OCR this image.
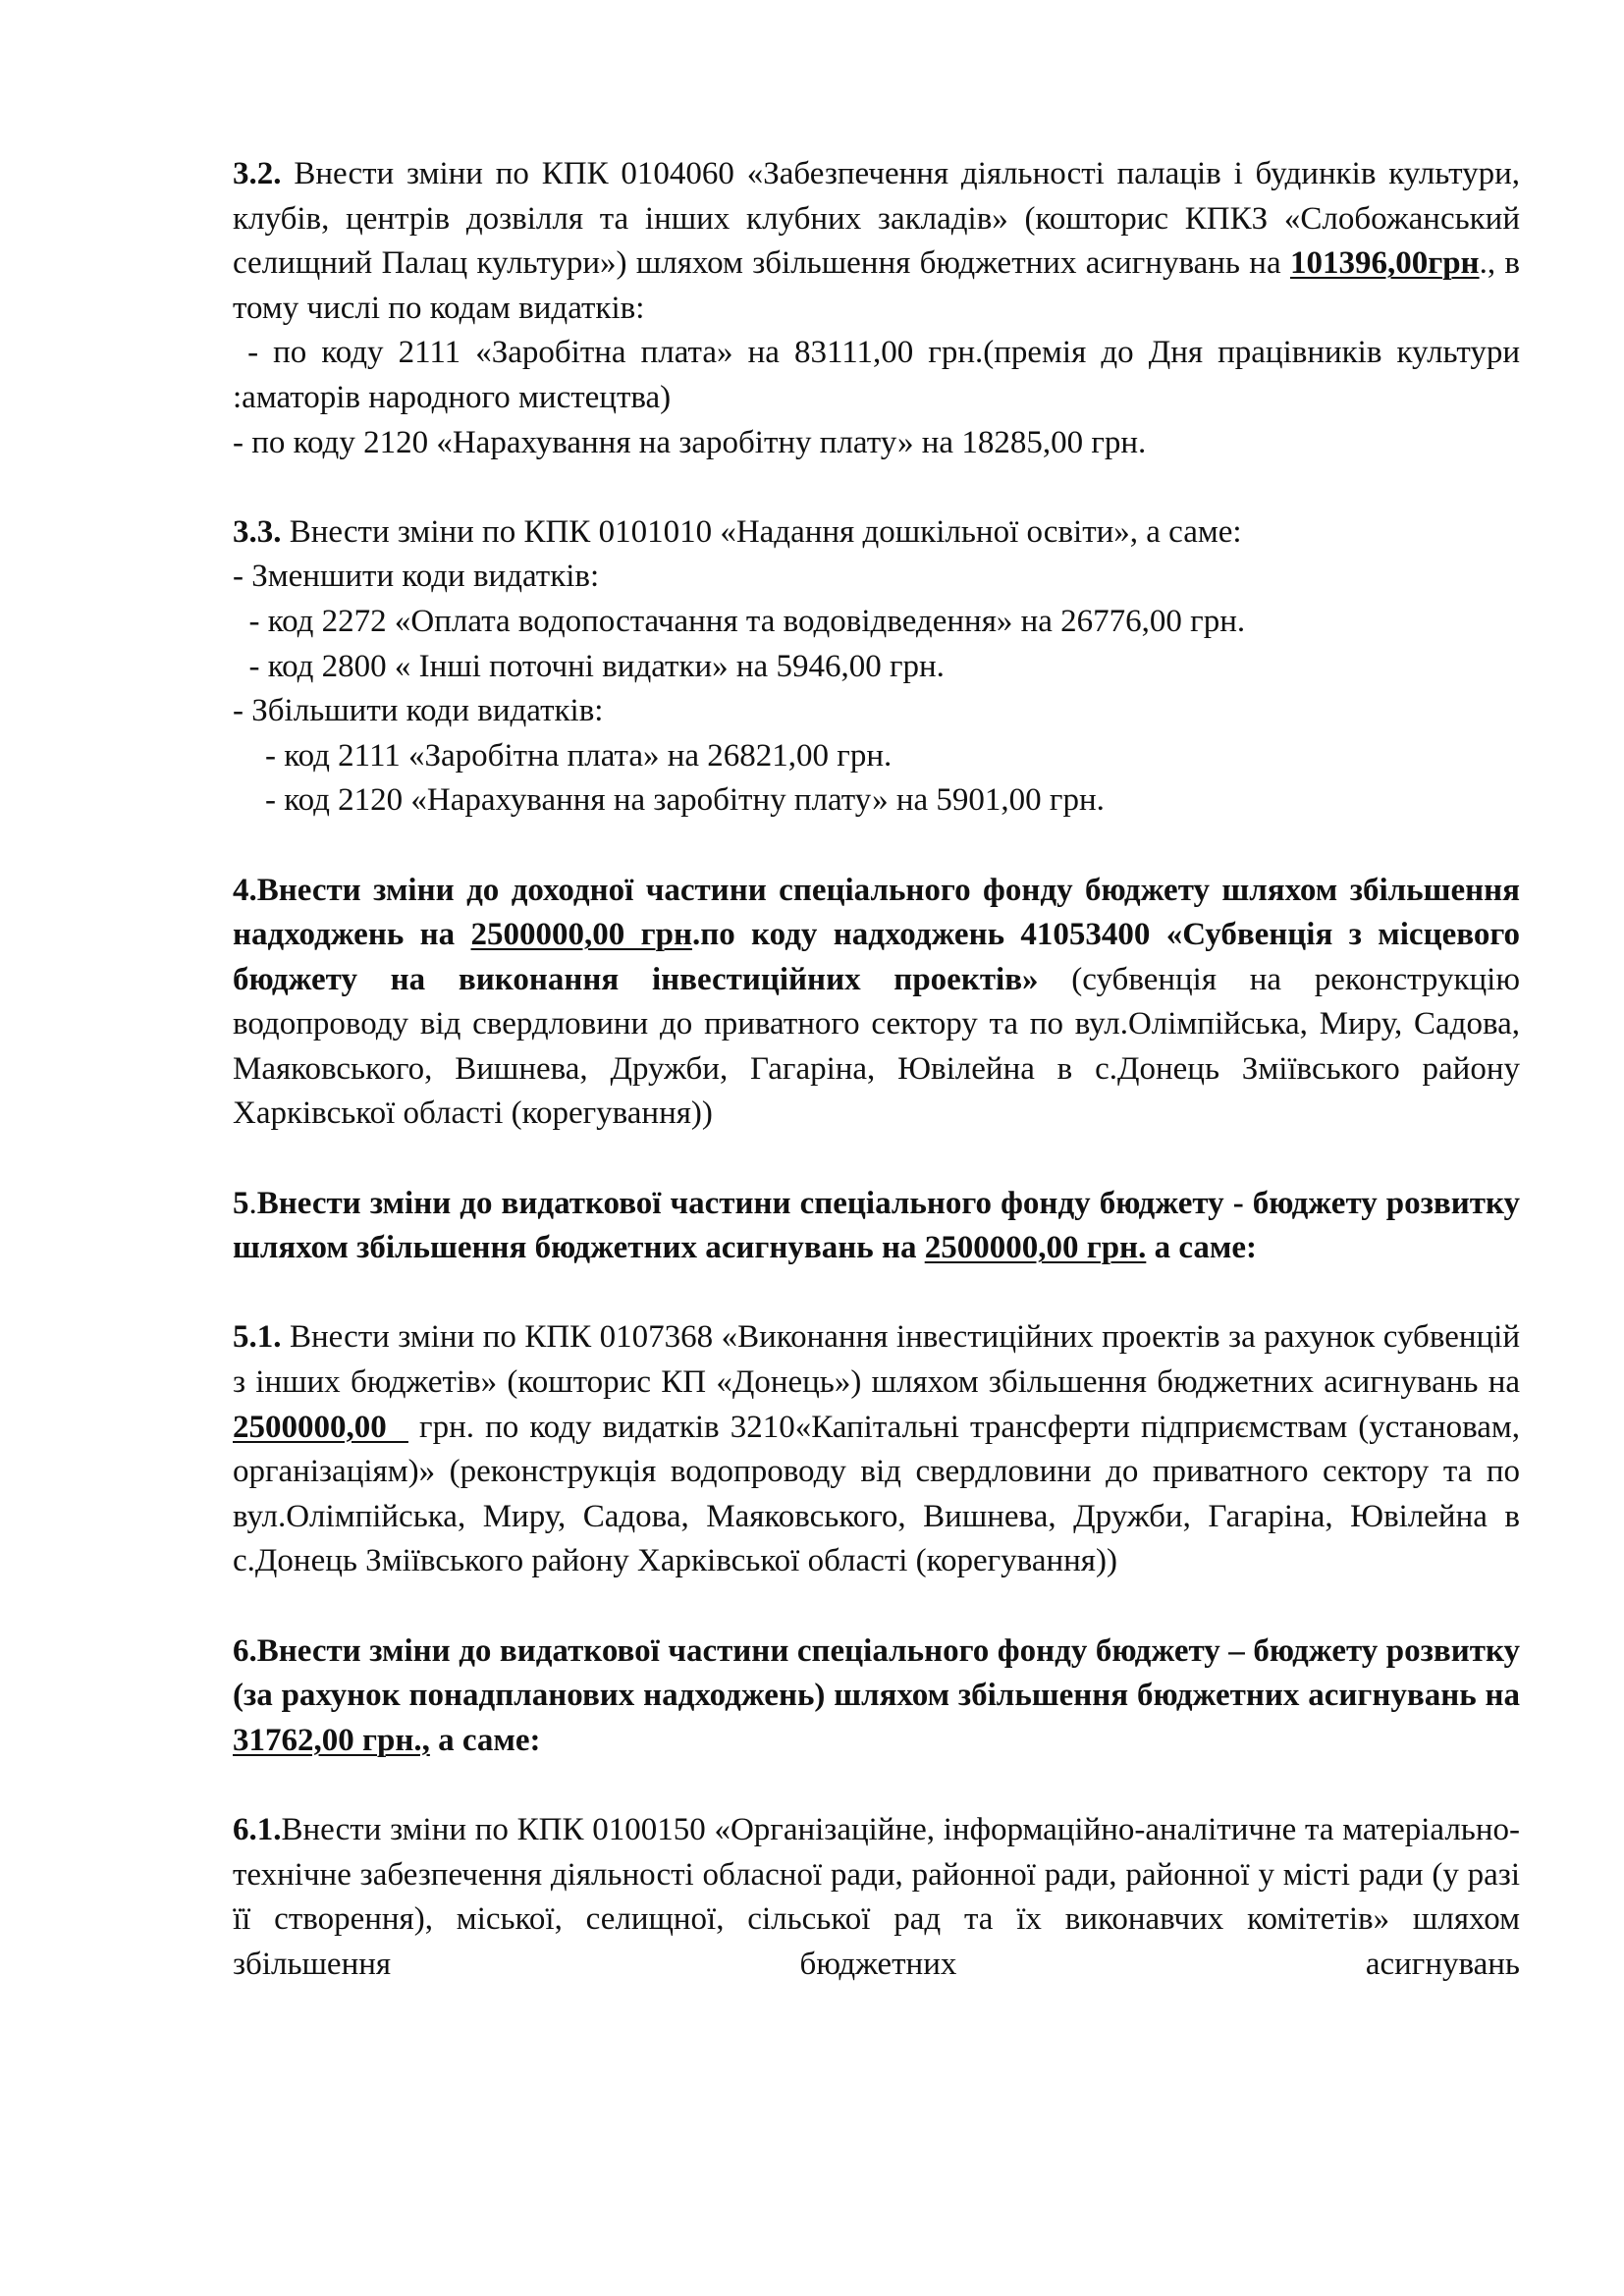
3.2. Внести зміни по КПК 0104060 «Забезпечення діяльності палаців і будинків культури, клубів, центрів дозвілля та інших клубних закладів» (кошторис КПКЗ «Слобожанський селищний Палац культури») шляхом збільшення бюджетних асигнувань на 101396,00грн., в тому числі по кодам видатків:

- по коду 2111 «Заробітна плата» на 83111,00 грн.(премія до Дня працівників культури :аматорів народного мистецтва)

- по коду 2120 «Нарахування на заробітну плату» на 18285,00 грн.

3.3. Внести зміни по КПК 0101010 «Надання дошкільної освіти», а саме:

- Зменшити коди видатків:
- код 2272 «Оплата водопостачання та водовідведення» на 26776,00 грн.
- код 2800 « Інші поточні видатки» на 5946,00 грн.
- Збільшити коди видатків:
- код 2111 «Заробітна плата» на 26821,00 грн.
- код 2120 «Нарахування на заробітну плату» на 5901,00 грн.

4.Внести зміни до доходної частини спеціального фонду бюджету шляхом збільшення надходжень на 2500000,00 грн.по коду надходжень 41053400 «Субвенція з місцевого бюджету на виконання інвестиційних проектів» (субвенція на реконструкцію водопроводу від свердловини до приватного сектору та по вул.Олімпійська, Миру, Садова, Маяковського, Вишнева, Дружби, Гагаріна, Ювілейна в с.Донець Зміївського району Харківської області (корегування))

5.Внести зміни до видаткової частини спеціального фонду бюджету - бюджету розвитку шляхом збільшення бюджетних асигнувань на 2500000,00 грн. а саме:

5.1. Внести зміни по КПК 0107368 «Виконання інвестиційних проектів за рахунок субвенцій з інших бюджетів» (кошторис КП «Донець») шляхом збільшення бюджетних асигнувань на 2500000,00   грн. по коду видатків 3210«Капітальні трансферти підприємствам (установам, організаціям)» (реконструкція водопроводу від свердловини до приватного сектору та по вул.Олімпійська, Миру, Садова, Маяковського, Вишнева, Дружби, Гагаріна, Ювілейна в с.Донець Зміївського району Харківської області (корегування))

6.Внести зміни до видаткової частини спеціального фонду бюджету – бюджету розвитку (за рахунок понадпланових надходжень) шляхом збільшення бюджетних асигнувань на 31762,00 грн., а саме:

6.1.Внести зміни по КПК 0100150 «Організаційне, інформаційно-аналітичне та матеріально-технічне забезпечення діяльності обласної ради, районної ради, районної у місті ради (у разі її створення), міської, селищної, сільської рад та їх виконавчих комітетів» шляхом збільшення бюджетних асигнувань
